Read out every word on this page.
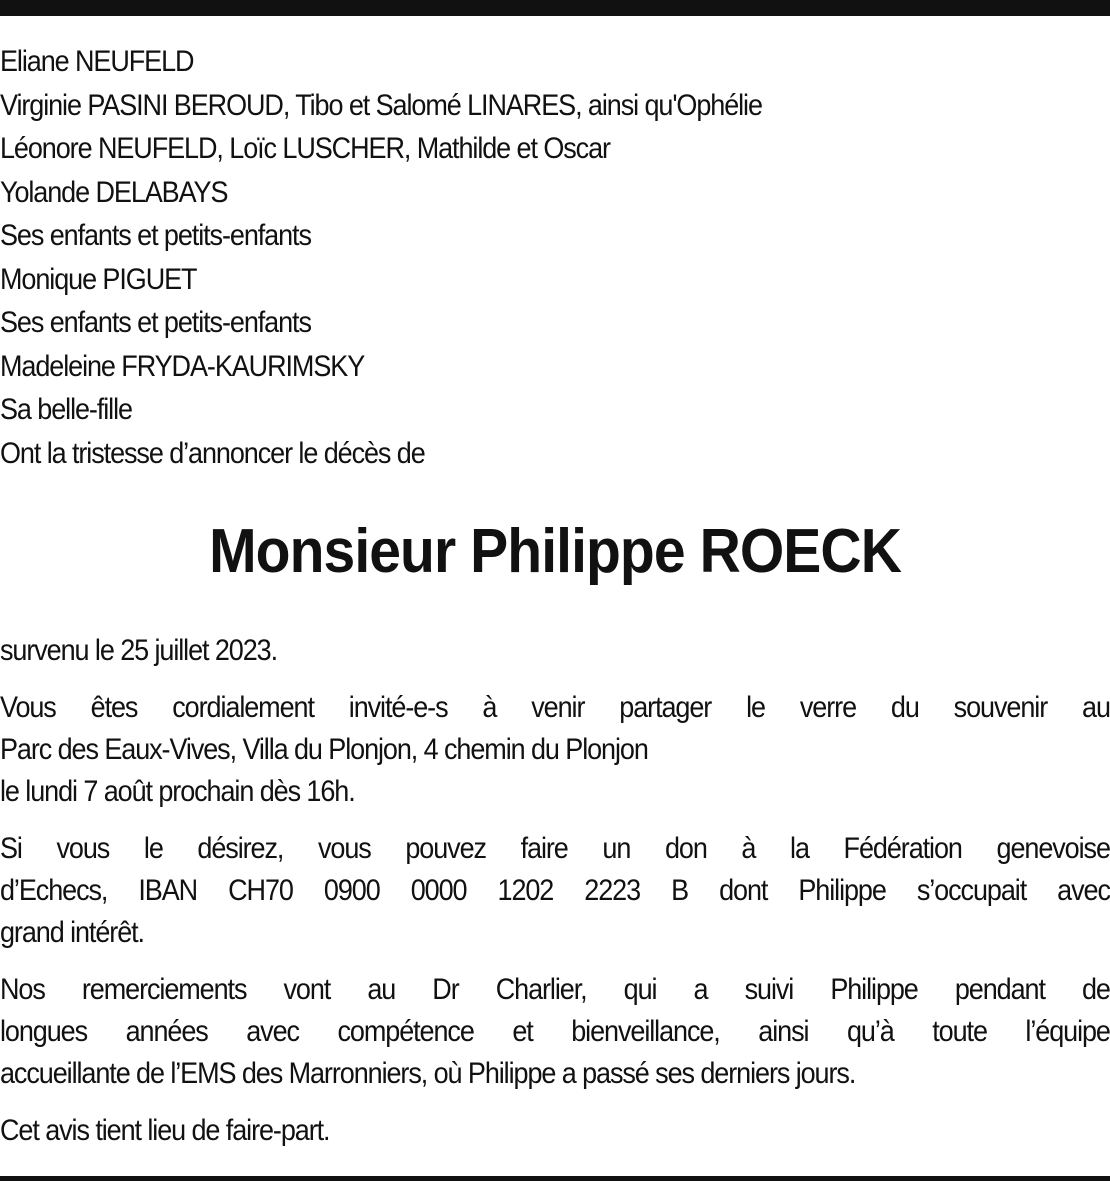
Eliane NEUFELD
Virginie PASINI BEROUD, Tibo et Salomé LINARES, ainsi qu'Ophélie
Léonore NEUFELD, Loïc LUSCHER, Mathilde et Oscar
Yolande DELABAYS
Ses enfants et petits-enfants
Monique PIGUET
Ses enfants et petits-enfants
Madeleine FRYDA-KAURIMSKY
Sa belle-fille
Ont la tristesse d’annoncer le décès de
Monsieur Philippe ROECK

survenu le 25 juillet 2023.

Vous êtes cordialement invité-e-s à venir partager le verre du souvenir au
Parc des Eaux-Vives, Villa du Plonjon, 4 chemin du Plonjon
le lundi 7 août prochain dès 16h.

Si vous le désirez, vous pouvez faire un don à la Fédération genevoise
d’Echecs, IBAN CH70 0900 0000 1202 2223 B dont Philippe s’occupait avec
grand intérêt.

Nos remerciements vont au Dr Charlier, qui a suivi Philippe pendant de
longues années avec compétence et bienveillance, ainsi qu’à toute l’équipe
accueillante de l’EMS des Marronniers, où Philippe a passé ses derniers jours.

Cet avis tient lieu de faire-part.
